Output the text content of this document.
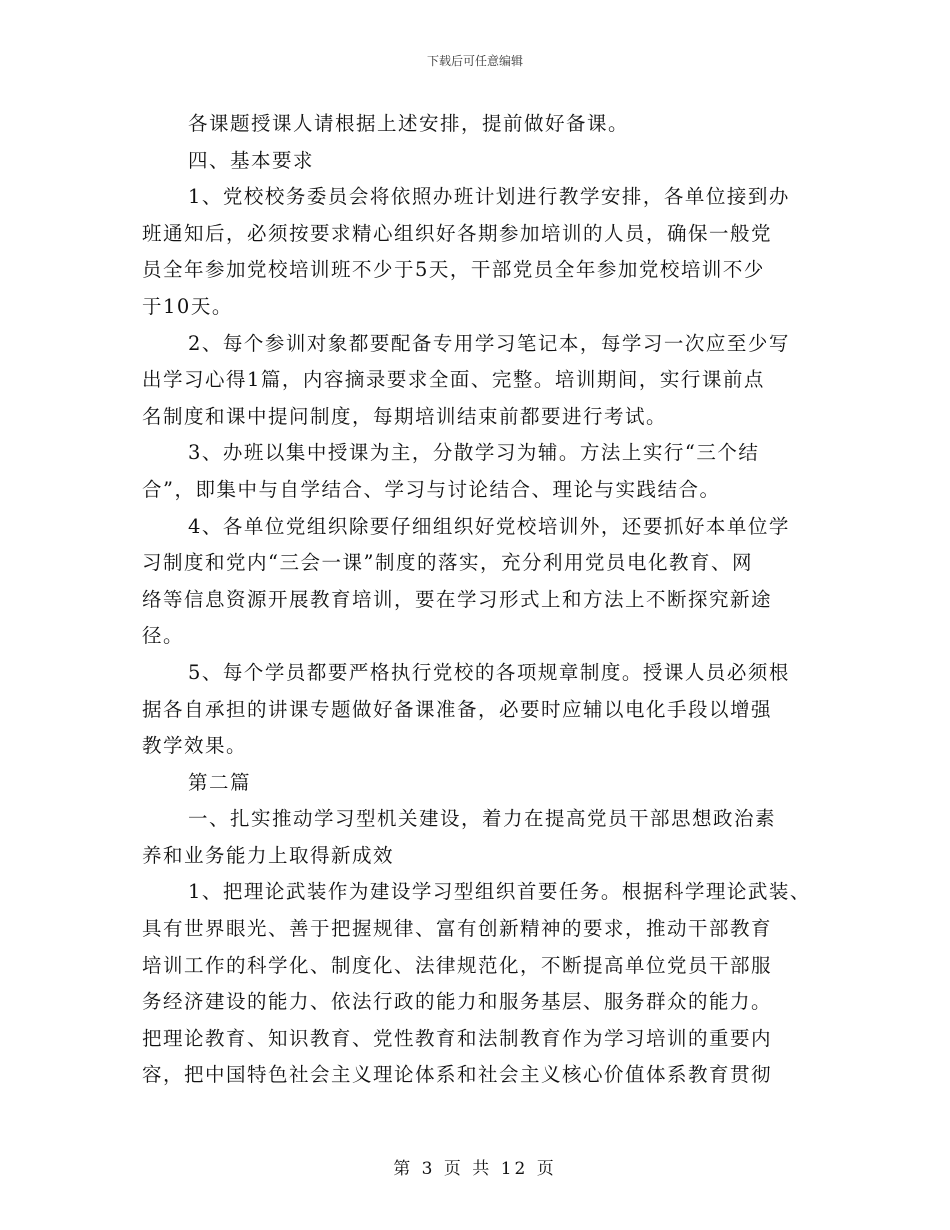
下载后可任意编辑
各课题授课人请根据上述安排，提前做好备课。
四、基本要求
1、党校校务委员会将依照办班计划进行教学安排，各单位接到办
班通知后，必须按要求精心组织好各期参加培训的人员，确保一般党
员全年参加党校培训班不少于5天，干部党员全年参加党校培训不少
于10天。
2、每个参训对象都要配备专用学习笔记本，每学习一次应至少写
出学习心得1篇，内容摘录要求全面、完整。培训期间，实行课前点
名制度和课中提问制度，每期培训结束前都要进行考试。
3、办班以集中授课为主，分散学习为辅。方法上实行“三个结
合”，即集中与自学结合、学习与讨论结合、理论与实践结合。
4、各单位党组织除要仔细组织好党校培训外，还要抓好本单位学
习制度和党内“三会一课”制度的落实，充分利用党员电化教育、网
络等信息资源开展教育培训，要在学习形式上和方法上不断探究新途
径。
5、每个学员都要严格执行党校的各项规章制度。授课人员必须根
据各自承担的讲课专题做好备课准备，必要时应辅以电化手段以增强
教学效果。
第二篇
一、扎实推动学习型机关建设，着力在提高党员干部思想政治素
养和业务能力上取得新成效
1、把理论武装作为建设学习型组织首要任务。根据科学理论武装、
具有世界眼光、善于把握规律、富有创新精神的要求，推动干部教育
培训工作的科学化、制度化、法律规范化，不断提高单位党员干部服
务经济建设的能力、依法行政的能力和服务基层、服务群众的能力。
把理论教育、知识教育、党性教育和法制教育作为学习培训的重要内
容，把中国特色社会主义理论体系和社会主义核心价值体系教育贯彻
第 3 页 共 12 页
